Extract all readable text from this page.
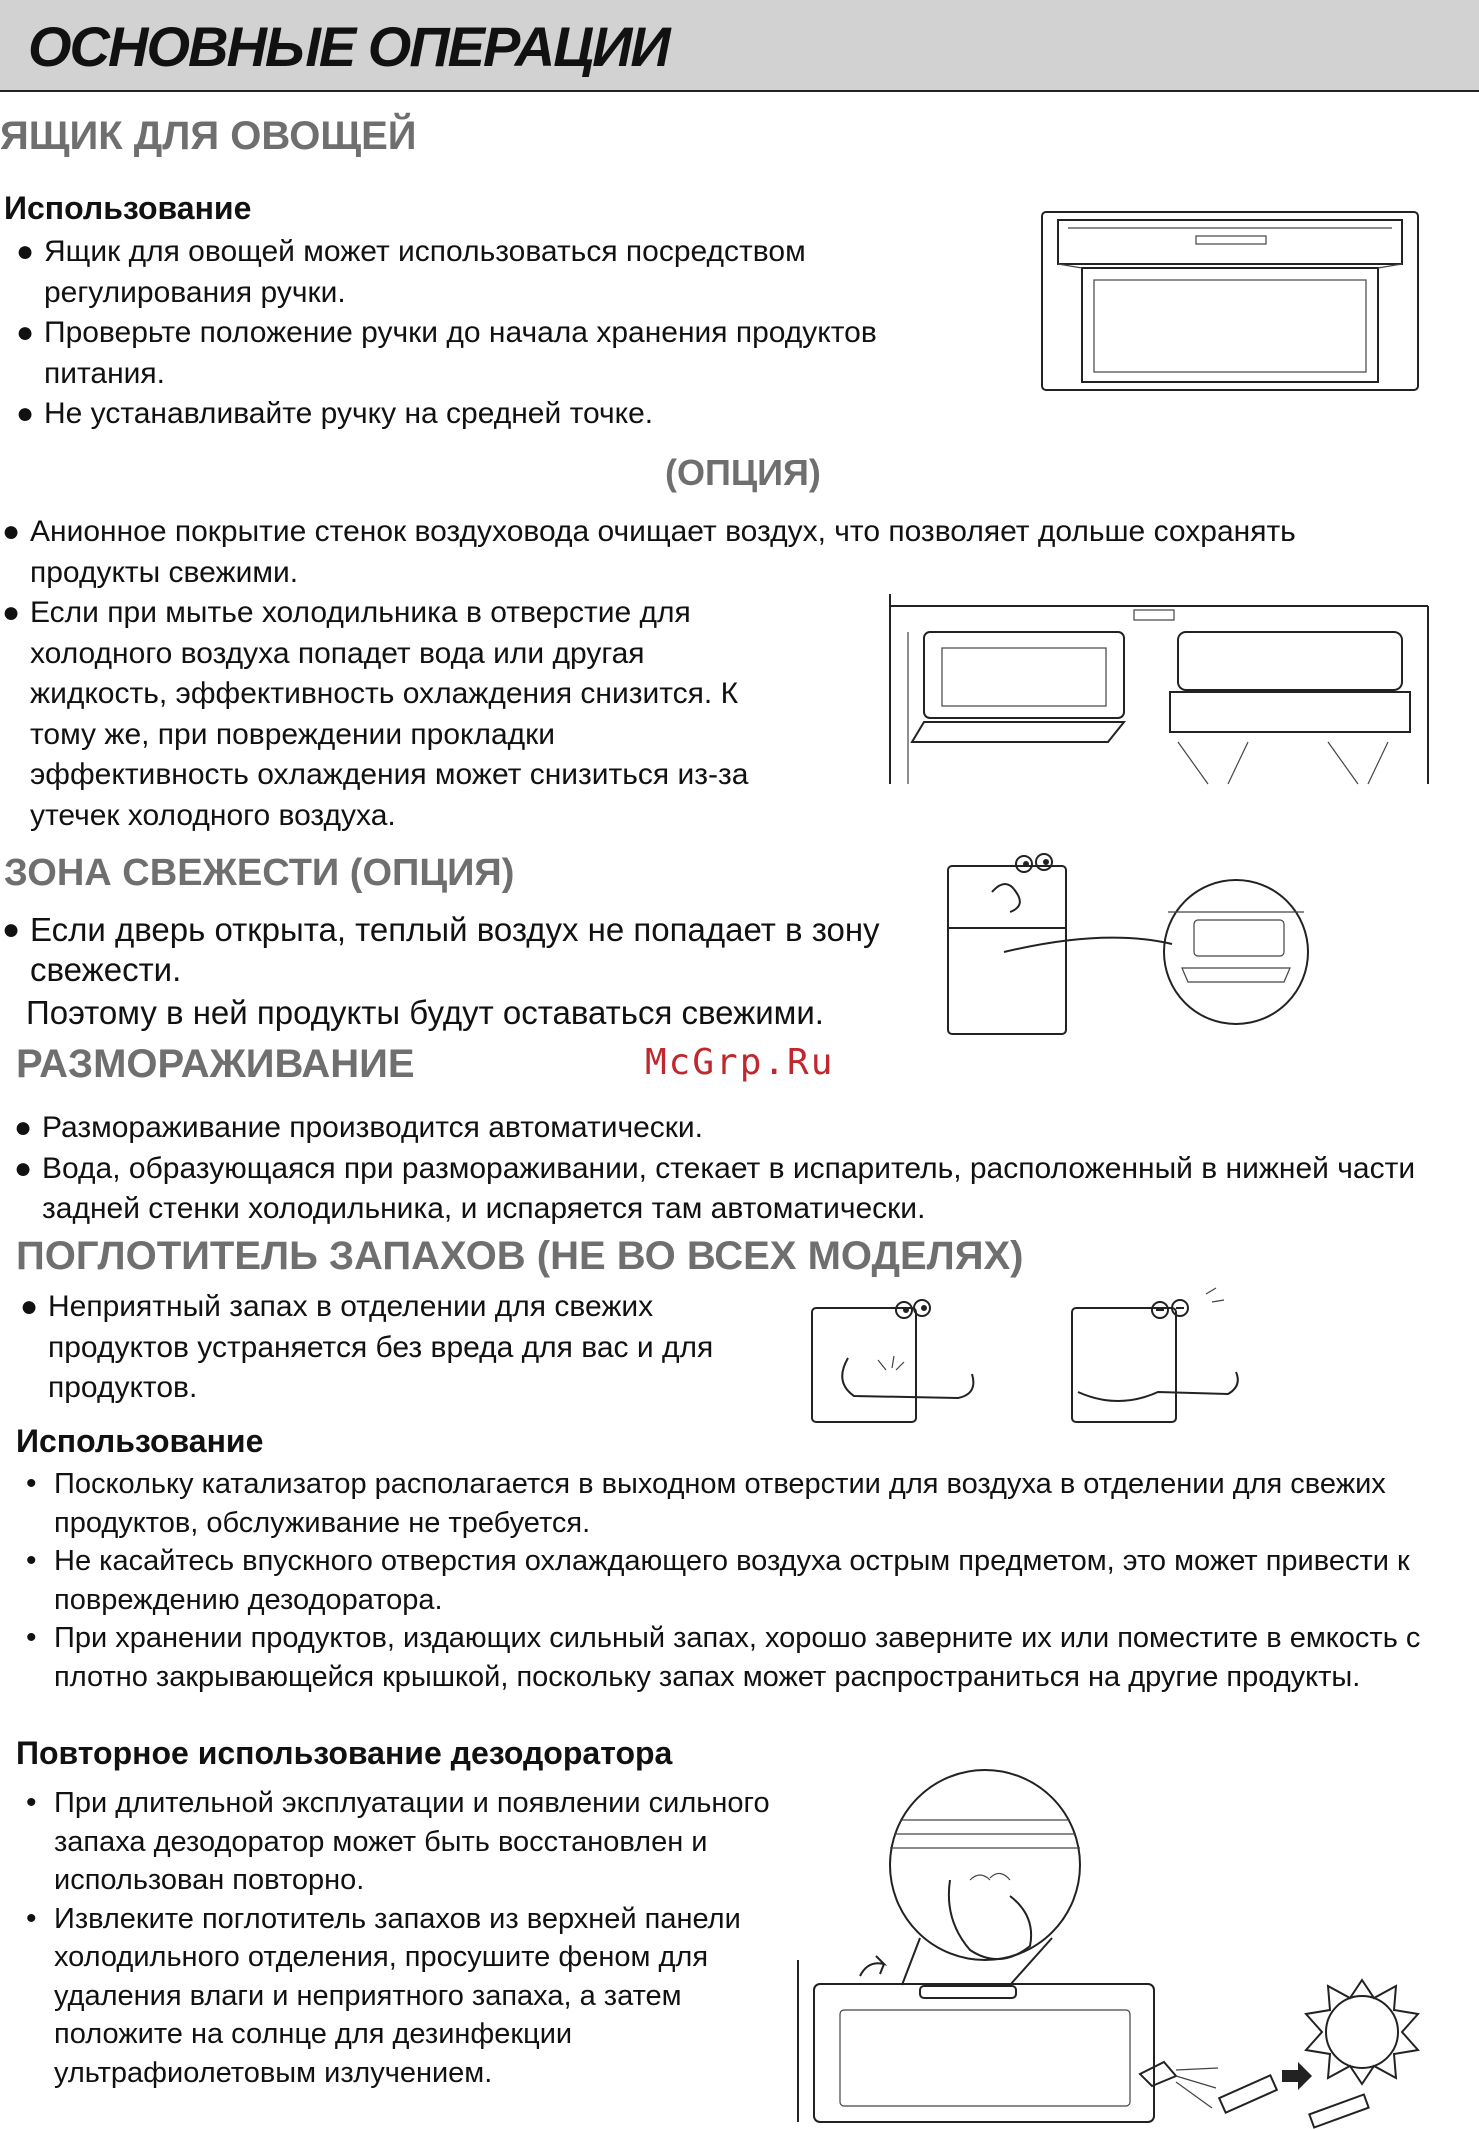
ОСНОВНЫЕ ОПЕРАЦИИ
ЯЩИК ДЛЯ ОВОЩЕЙ
Использование
● Ящик для овощей может использоваться посредством регулирования ручки.
● Проверьте положение ручки до начала хранения продуктов питания.
● Не устанавливайте ручку на средней точке.
(ОПЦИЯ)
● Анионное покрытие стенок воздуховода очищает воздух, что позволяет дольше сохранять продукты свежими.
● Если при мытье холодильника в отверстие для холодного воздуха попадет вода или другая жидкость, эффективность охлаждения снизится. К тому же, при повреждении прокладки эффективность охлаждения может снизиться из-за утечек холодного воздуха.
ЗОНА СВЕЖЕСТИ (ОПЦИЯ)
● Если дверь открыта, теплый воздух не попадает в зону свежести.
Поэтому в ней продукты будут оставаться свежими.
McGrp.Ru
РАЗМОРАЖИВАНИЕ
● Размораживание производится автоматически.
● Вода, образующаяся при размораживании, стекает в испаритель, расположенный в нижней части задней стенки холодильника, и испаряется там автоматически.
ПОГЛОТИТЕЛЬ ЗАПАХОВ (НЕ ВО ВСЕХ МОДЕЛЯХ)
● Неприятный запах в отделении для свежих продуктов устраняется без вреда для вас и для продуктов.
Использование
• Поскольку катализатор располагается в выходном отверстии для воздуха в отделении для свежих продуктов, обслуживание не требуется.
• Не касайтесь впускного отверстия охлаждающего воздуха острым предметом, это может привести к повреждению дезодоратора.
• При хранении продуктов, издающих сильный запах, хорошо заверните их или поместите в емкость с плотно закрывающейся крышкой, поскольку запах может распространиться на другие продукты.
Повторное использование дезодоратора
• При длительной эксплуатации и появлении сильного запаха дезодоратор может быть восстановлен и использован повторно.
• Извлеките поглотитель запахов из верхней панели холодильного отделения, просушите феном для удаления влаги и неприятного запаха, а затем положите на солнце для дезинфекции ультрафиолетовым излучением.
